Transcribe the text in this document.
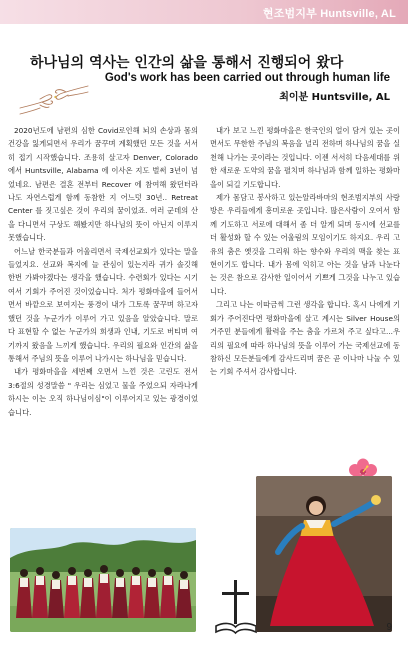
현조범지부 Huntsville, AL
하나님의 역사는 인간의 삶을 통해서 진행되어 왔다
God's work has been carried out through human life
최이분 Huntsville, AL

2020년도에 남편의 심한 Covid로인해 뇌의 손상과 몸의 건강을 잃게되면서 우리가 꿈꾸며 계획했던 모든 것을 서서히 접기 시작했습니다. 조용히 살고자 Denver, Colorado에서 Huntsville, Alabama 에 이사온 지도 벌써 3년이 넘었네요. 남편은 결혼 전부터 Recover 에 참여해 왔던터라 나도 자연스럽게 함께 동참한 지 어느덧 30년.. Retreat Center 를 짓고싶은 것이 우리의 꿈이었죠. 여러 군데의 산을 다니면서 구상도 해봤지만 하나님의 뜻이 아닌지 이루지 못했습니다.

어느날 한국분들과 어울리면서 국제선교회가 있다는 말을 들었지요. 선교와 복지에 늘 관심이 있는지라 귀가 솔깃해 한번 가봐야겠다는 생각을 했습니다. 수련회가 있다는 시기여서 기회가 주어진 것이었습니다. 처가 평화마을에 들어서면서 바깥으로 보여지는 풍경이 내가 그토록 꿈꾸며 하고자 했던 것을 누군가가 이루어 가고 있음을 알았습니다. 말로 다 표현할 수 없는 누군가의 희생과 인내, 기도로 버티며 여기까지 왔음을 느끼게 했습니다. 우리의 필요와 인간의 삶을 통해서 주님의 뜻을 이루어 나가시는 하나님을 믿습니다.

내가 평화마을을 세번째 오면서 느낀 것은 고린도 전서 3:6절의 성경말씀 " 우리는 심었고 물을 주었으되 자라나게 하시는 이는 오직 하나님이심"이 이루어지고 있는 광경이었습니다.

내가 보고 느낀 평화마을은 한국인의 얼이 담겨 있는 곳이면서도 무한한 주님의 복음을 널리 전하며 하나님의 꿈을 실천해 나가는 곳이라는 것입니다. 이젠 서서히 다음세대를 위한 새로운 도약의 꿈을 펼치며 하나님과 함께 일하는 평화마을이 되길 기도합니다.

제가 몸담고 봉사하고 있는알라바마의 현조범지부의 사랑방은 우리들에게 흥미로운 곳입니다. 많은사람이 오여서 함께 기도하고 서로에 대해서 좀 더 알게 되며 동시에 선교를 더 활성화 할 수 있는 어울림의 모임이기도 하지요. 우리 고유의 춤은 옛것을 그리워 하는 향수와 우리의 맥을 찾는 표현이기도 합니다. 내가 몸에 익히고 아는 것을 남과 나눈다는 것은 참으로 감사한 일이어서 기쁘게 그것을 나누고 있습니다.

그리고 나는 이따금씩 그런 생각을 합니다. 혹시 나에게 기회가 주어진다면 평화마을에 살고 계시는 Silver House의 거주민 분들에게 활력을 주는 춤을 가르쳐 주고 싶다고...우리의 필요에 따라 하나님의 뜻을 이루어 가는 국제선교에 동참하신 모든분들에게 감사드리며 꿈은 곧 이나마 나눌 수 있는 기회 주셔서 감사합니다.

9
